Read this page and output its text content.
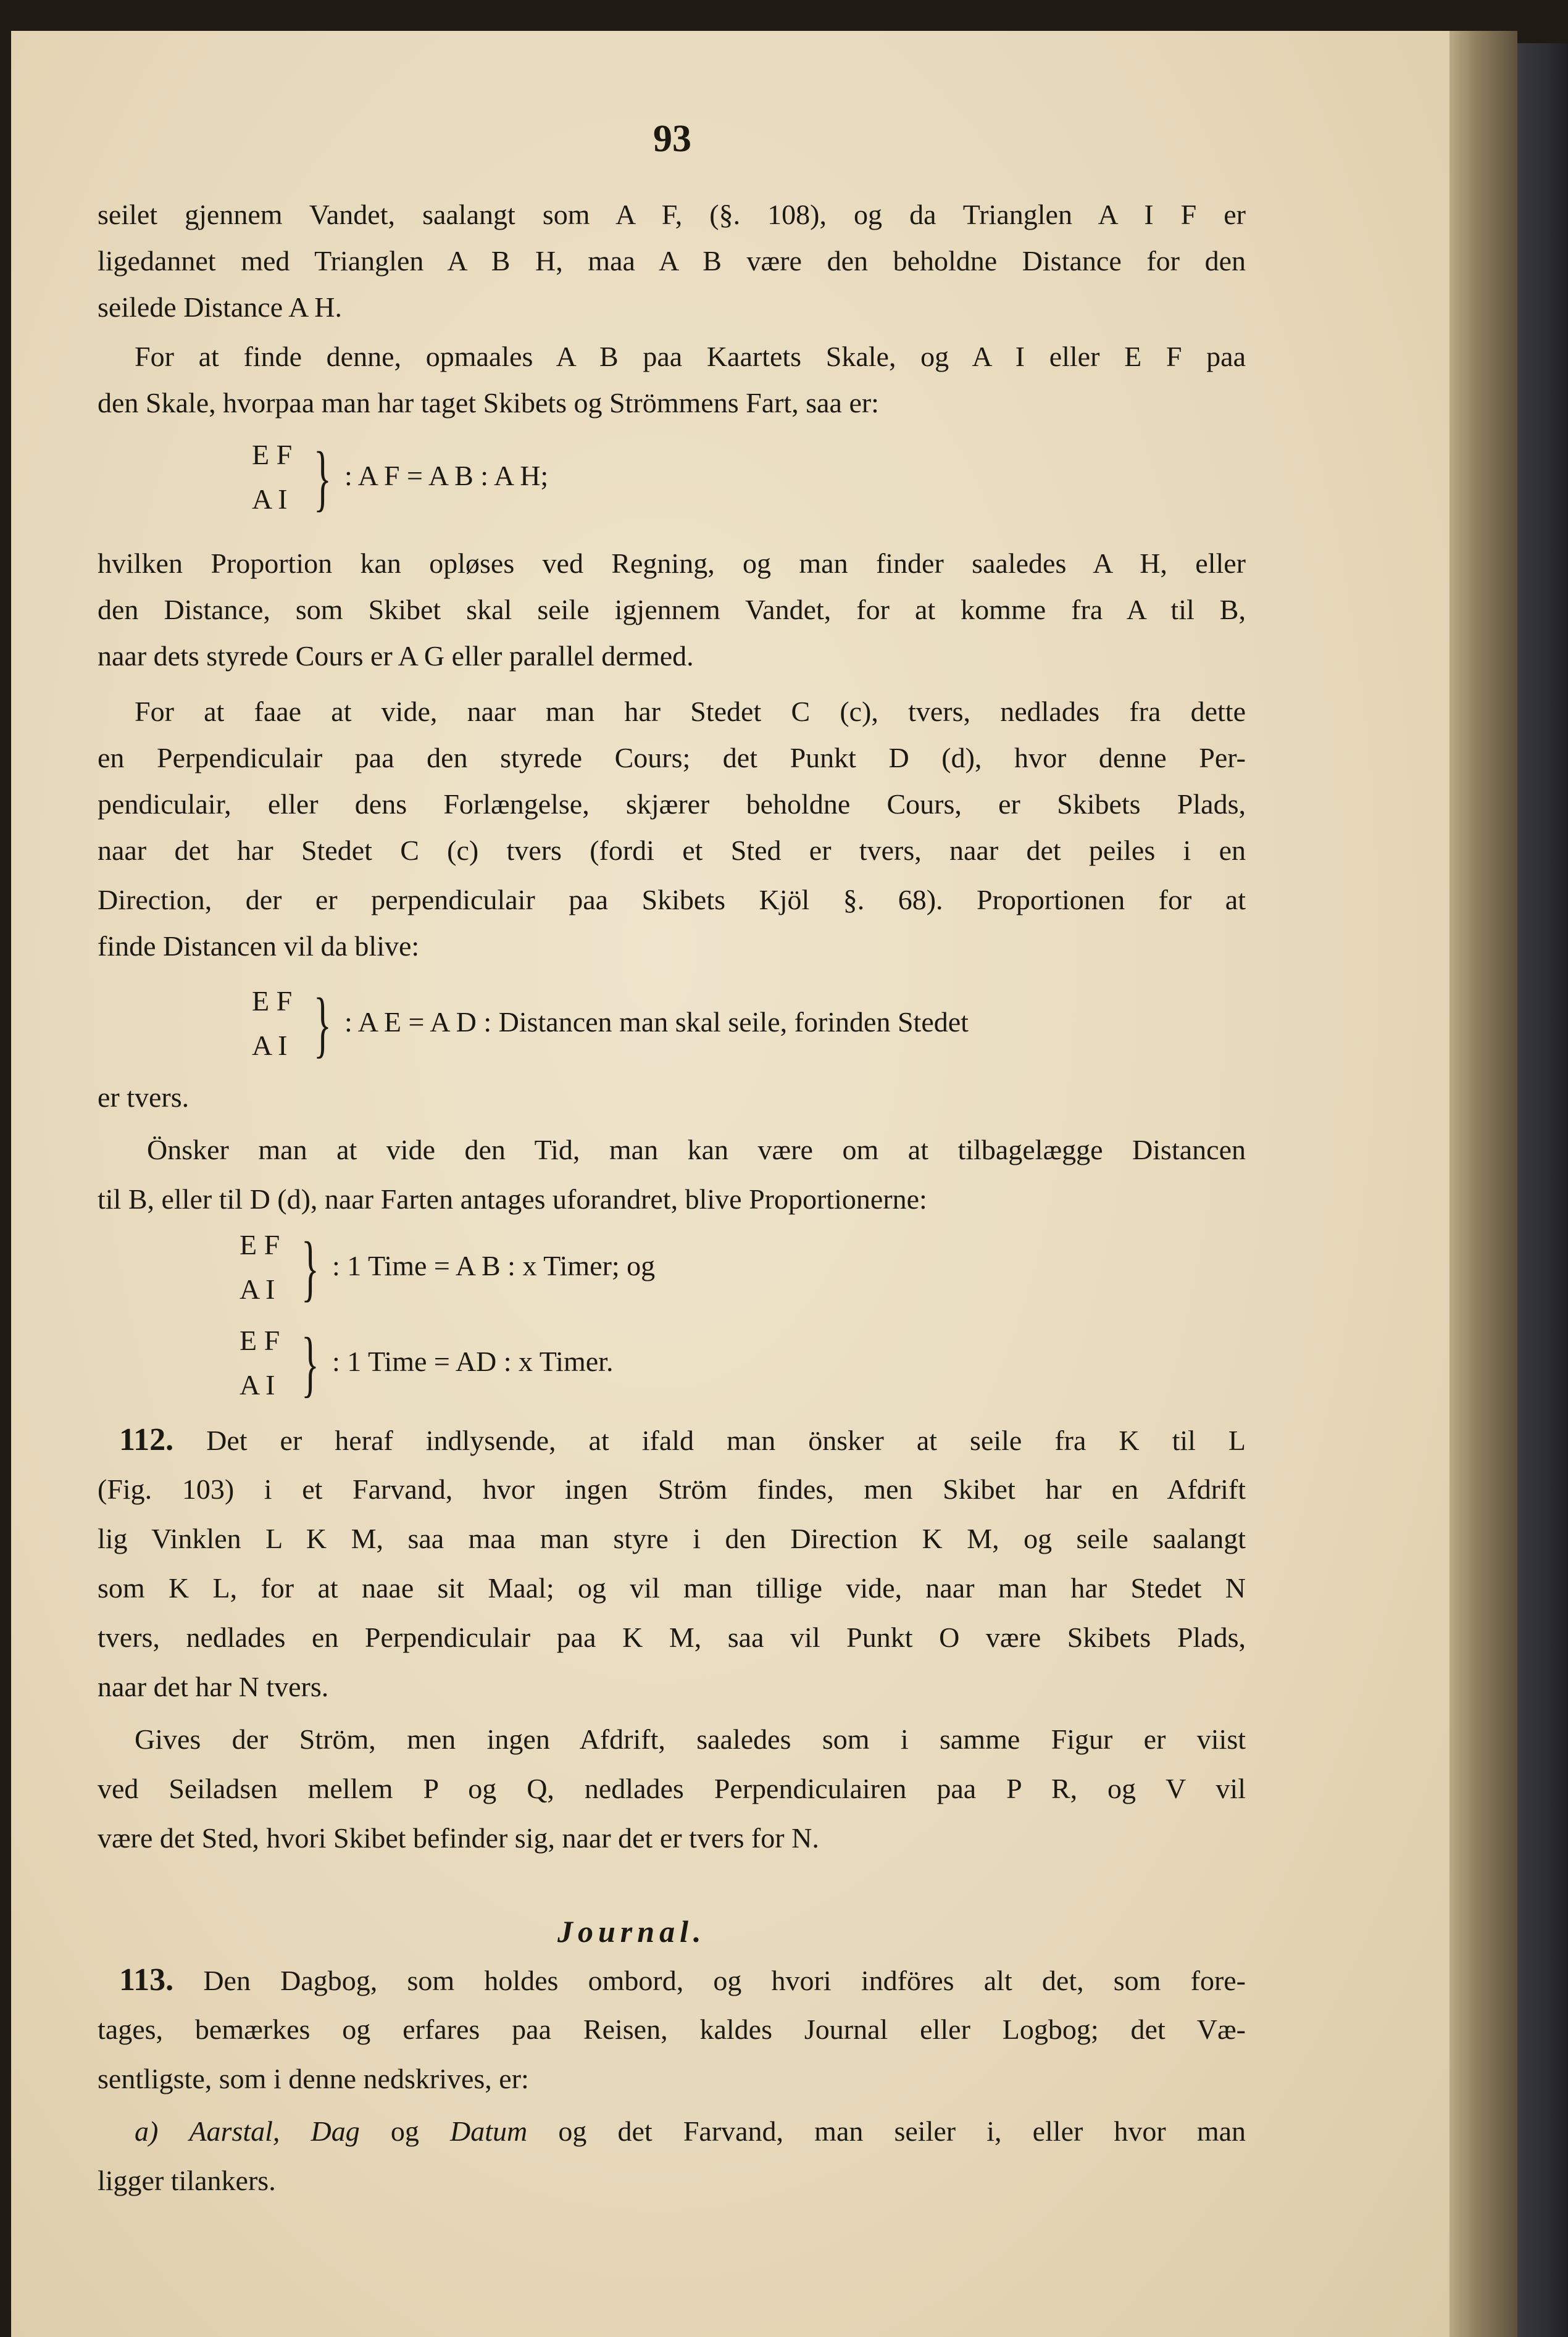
93
seilet gjennem Vandet, saalangt som A F, (§. 108), og da Trianglen A I F er
ligedannet med Trianglen A B H, maa A B være den beholdne Distance for den
seilede Distance A H.
For at finde denne, opmaales A B paa Kaartets Skale, og A I eller E F paa
den Skale, hvorpaa man har taget Skibets og Strömmens Fart, saa er:
E F
A I } : A F = A B : A H;
hvilken Proportion kan opløses ved Regning, og man finder saaledes A H, eller
den Distance, som Skibet skal seile igjennem Vandet, for at komme fra A til B,
naar dets styrede Cours er A G eller parallel dermed.
For at faae at vide, naar man har Stedet C (c), tvers, nedlades fra dette
en Perpendiculair paa den styrede Cours; det Punkt D (d), hvor denne Per-
pendiculair, eller dens Forlængelse, skjærer beholdne Cours, er Skibets Plads,
naar det har Stedet C (c) tvers (fordi et Sted er tvers, naar det peiles i en
Direction, der er perpendiculair paa Skibets Kjöl §. 68). Proportionen for at
finde Distancen vil da blive:
E F
A I } : A E = A D : Distancen man skal seile, forinden Stedet
er tvers.
Önsker man at vide den Tid, man kan være om at tilbagelægge Distancen
til B, eller til D (d), naar Farten antages uforandret, blive Proportionerne:
E F
A I } : 1 Time = A B : x Timer; og
E F
A I } : 1 Time = AD : x Timer.
112. Det er heraf indlysende, at ifald man önsker at seile fra K til L
(Fig. 103) i et Farvand, hvor ingen Ström findes, men Skibet har en Afdrift
lig Vinklen L K M, saa maa man styre i den Direction K M, og seile saalangt
som K L, for at naae sit Maal; og vil man tillige vide, naar man har Stedet N
tvers, nedlades en Perpendiculair paa K M, saa vil Punkt O være Skibets Plads,
naar det har N tvers.
Gives der Ström, men ingen Afdrift, saaledes som i samme Figur er viist
ved Seiladsen mellem P og Q, nedlades Perpendiculairen paa P R, og V vil
være det Sted, hvori Skibet befinder sig, naar det er tvers for N.
Journal.
113. Den Dagbog, som holdes ombord, og hvori indföres alt det, som fore-
tages, bemærkes og erfares paa Reisen, kaldes Journal eller Logbog; det Væ-
sentligste, som i denne nedskrives, er:
a) Aarstal, Dag og Datum og det Farvand, man seiler i, eller hvor man
ligger tilankers.
